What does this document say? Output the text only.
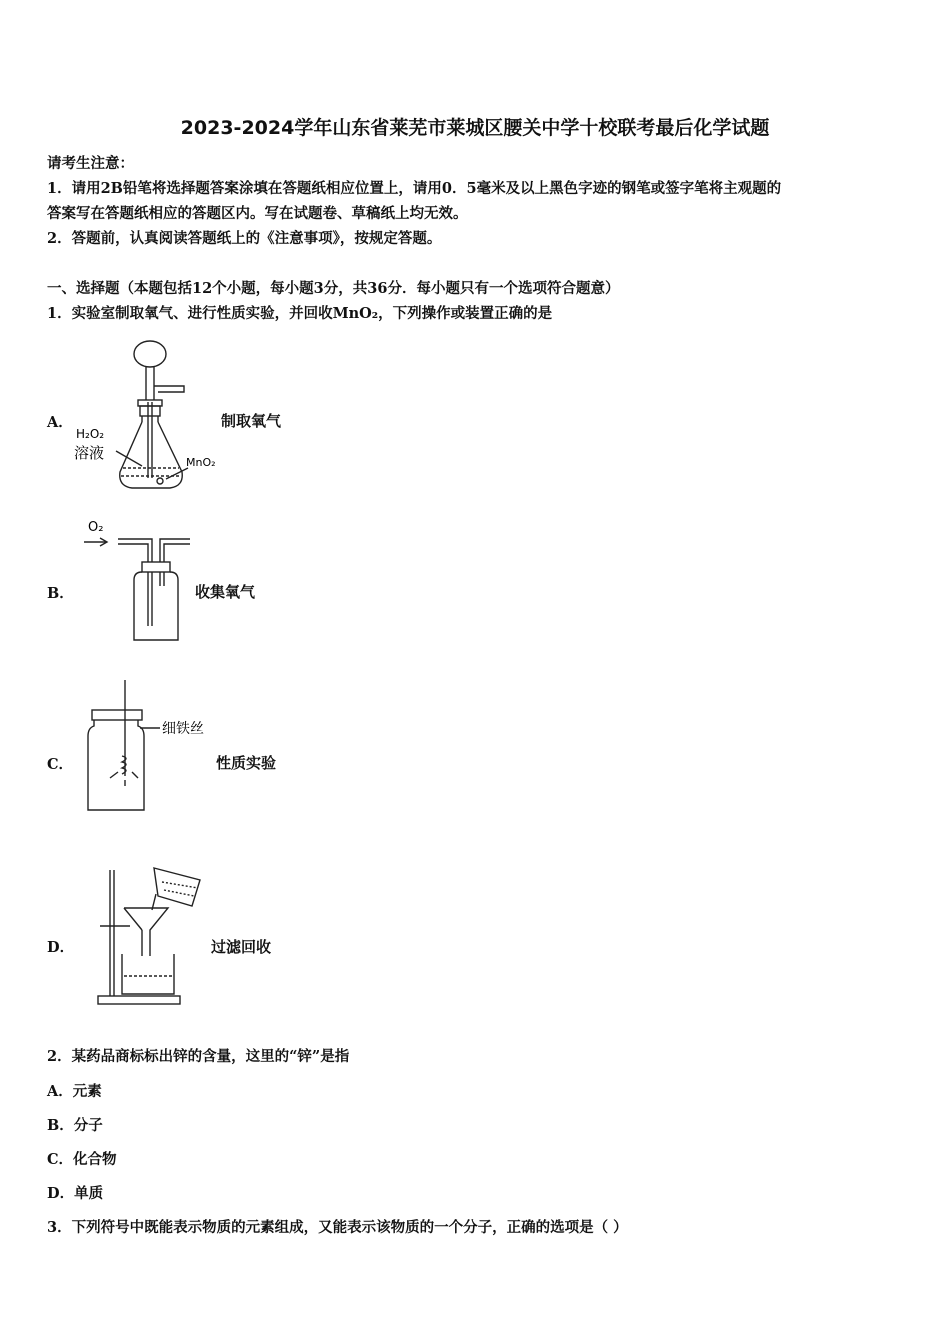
2023-2024学年山东省莱芜市莱城区腰关中学十校联考最后化学试题
请考生注意：
1．请用2B铅笔将选择题答案涂填在答题纸相应位置上，请用0．5毫米及以上黑色字迹的钢笔或签字笔将主观题的
答案写在答题纸相应的答题区内。写在试题卷、草稿纸上均无效。
2．答题前，认真阅读答题纸上的《注意事项》，按规定答题。
一、选择题（本题包括12个小题，每小题3分，共36分．每小题只有一个选项符合题意）
1．实验室制取氧气、进行性质实验，并回收MnO₂，下列操作或装置正确的是
A．
H₂O₂
溶液
MnO₂
制取氧气
B．
O₂
收集氧气
C．
细铁丝
性质实验
D．	过滤回收
2．某药品商标标出锌的含量，这里的“锌”是指
A．元素
B．分子
C．化合物
D．单质
3．下列符号中既能表示物质的元素组成，又能表示该物质的一个分子，正确的选项是（ ）
